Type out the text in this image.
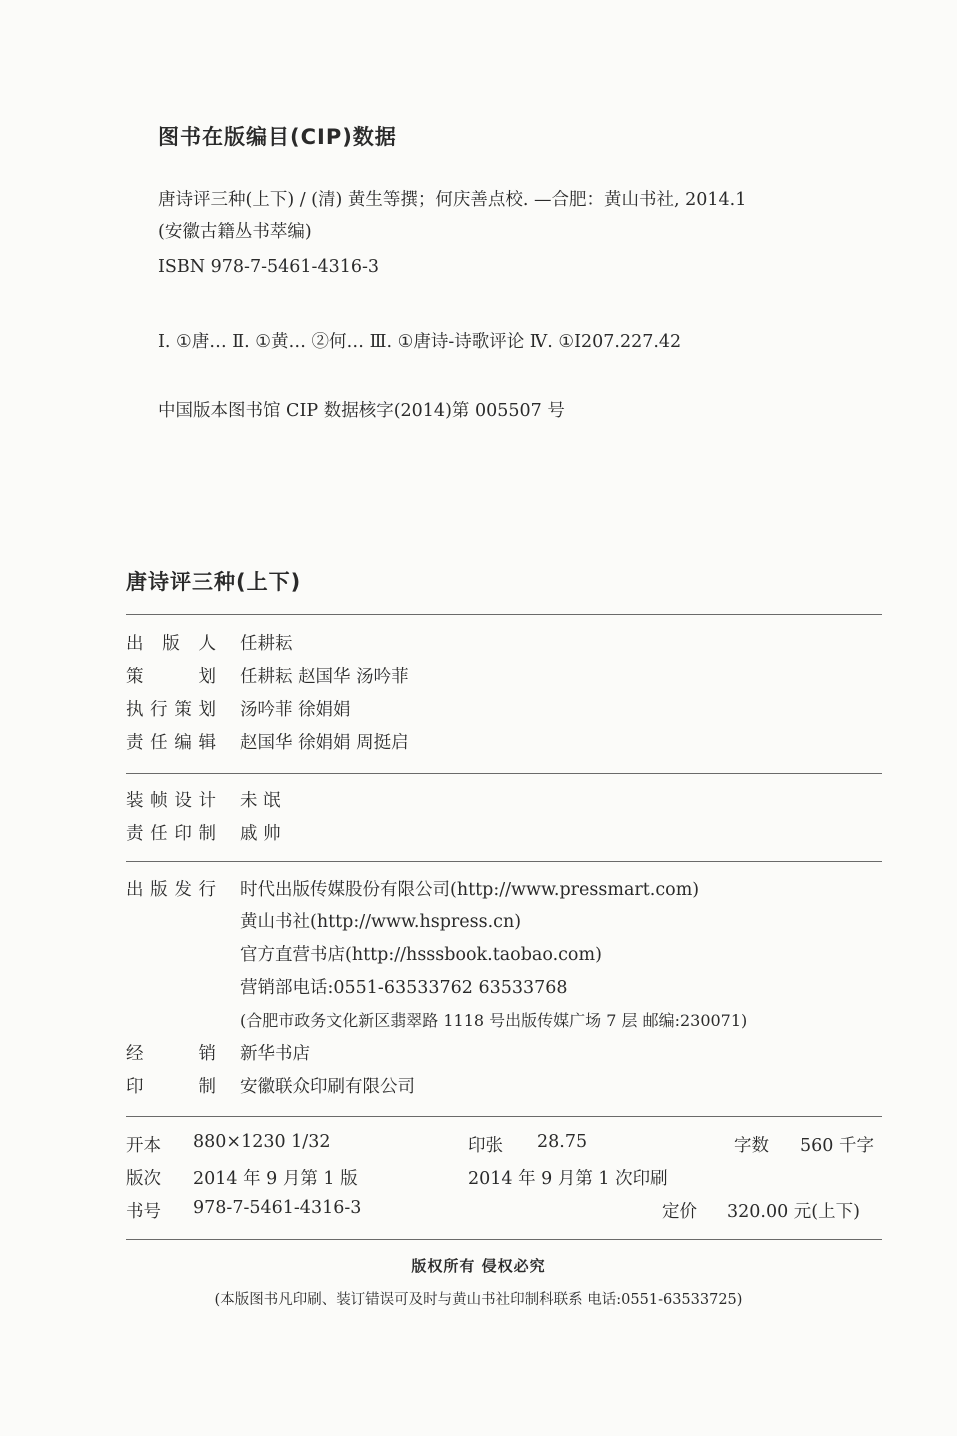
图书在版编目(CIP)数据
唐诗评三种(上下) / (清) 黄生等撰；何庆善点校. —合肥：黄山书社, 2014.1
(安徽古籍丛书萃编)
ISBN 978-7-5461-4316-3
Ⅰ. ①唐… Ⅱ. ①黄… ②何… Ⅲ. ①唐诗-诗歌评论 Ⅳ. ①I207.227.42
中国版本图书馆 CIP 数据核字(2014)第 005507 号
唐诗评三种(上下)
出 版 人 任耕耘
策	划 任耕耘 赵国华 汤吟菲
执 行 策 划 汤吟菲 徐娟娟
责 任 编 辑 赵国华 徐娟娟 周挺启
装 帧 设 计 未 氓
责 任 印 制 戚 帅
出 版 发 行 时代出版传媒股份有限公司(http://www.pressmart.com)
黄山书社(http://www.hspress.cn)
官方直营书店(http://hsssbook.taobao.com)
营销部电话:0551-63533762 63533768
(合肥市政务文化新区翡翠路 1118 号出版传媒广场 7 层 邮编:230071)
经	销 新华书店
印	制 安徽联众印刷有限公司
开本 880×1230 1/32	印张 28.75	字数 560 千字
版次 2014 年 9 月第 1 版	2014 年 9 月第 1 次印刷
书号 978-7-5461-4316-3	定价 320.00 元(上下)
版权所有 侵权必究
(本版图书凡印刷、装订错误可及时与黄山书社印制科联系 电话:0551-63533725)
